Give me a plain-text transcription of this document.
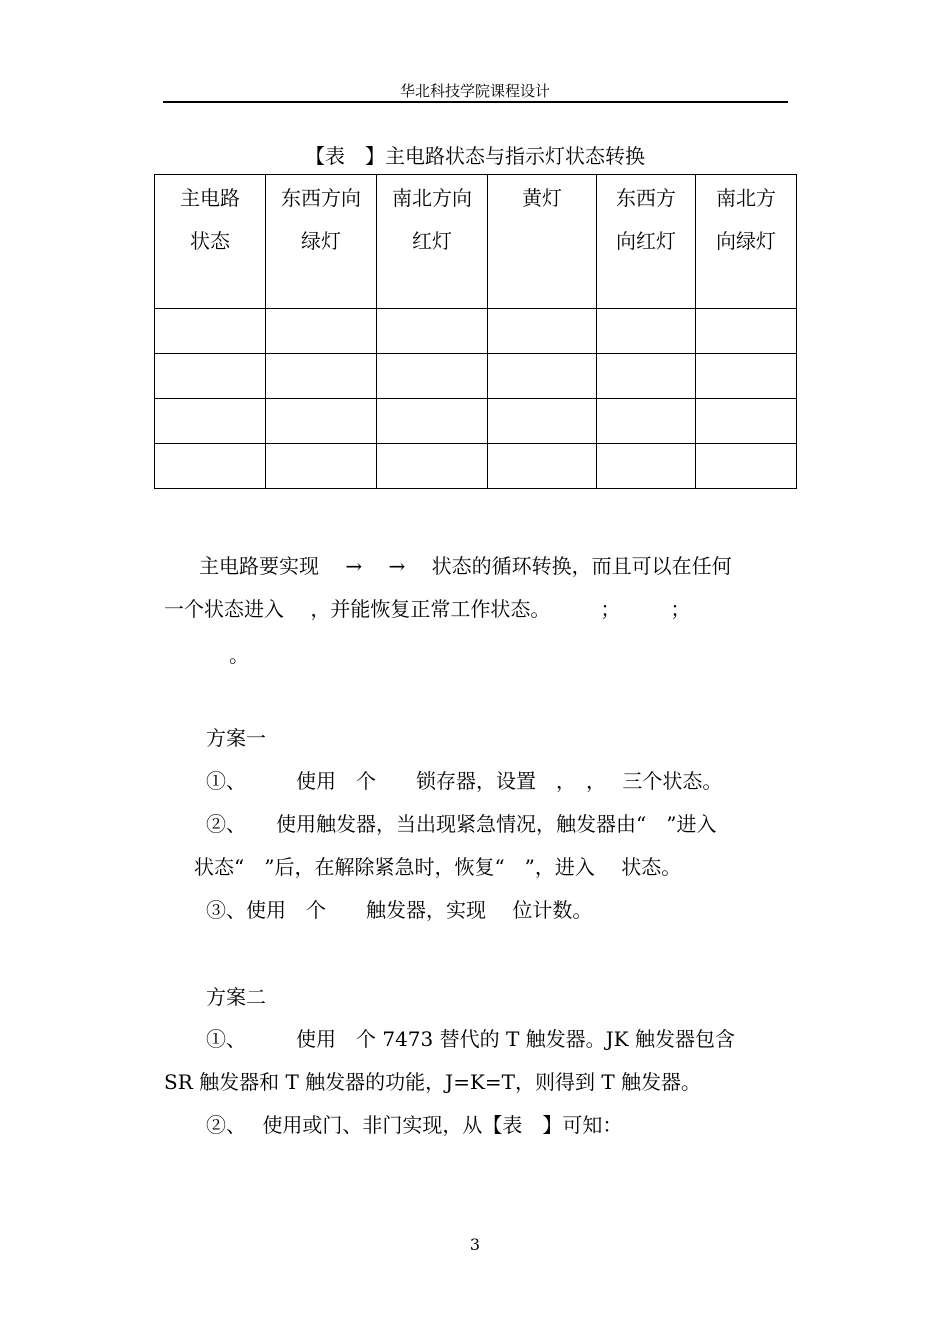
华北科技学院课程设计
【表　】主电路状态与指示灯状态转换
主电路
状态	东西方向
绿灯	南北方向
红灯	黄灯	东西方
向红灯	南北方
向绿灯

主电路要实现　 →　 →　 状态的循环转换，而且可以在任何
一个状态进入　 ，并能恢复正常工作状态。　　　；　　　；
。
方案一
①、　　　使用　个　　锁存器，设置　，　，　 三个状态。
②、　　使用触发器，当出现紧急情况，触发器由“　”进入
状态“　”后，在解除紧急时，恢复“　”，进入　 状态。
③、使用　个　　触发器，实现　 位计数。
方案二
①、　　　使用　个 7473 替代的 T 触发器。JK 触发器包含
SR 触发器和 T 触发器的功能，J=K=T，则得到 T 触发器。
②、　 使用或门、非门实现，从【表　】可知：
3
